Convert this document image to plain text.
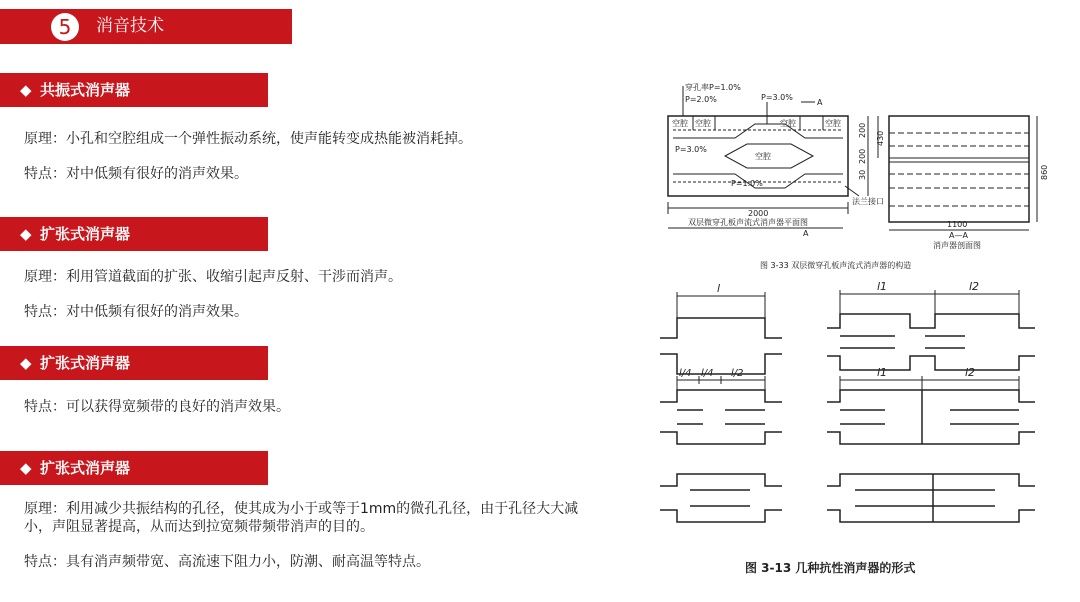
5	消音技术
◆ 共振式消声器
原理：小孔和空腔组成一个弹性振动系统，使声能转变成热能被消耗掉。
特点：对中低频有很好的消声效果。
◆ 扩张式消声器
原理：利用管道截面的扩张、收缩引起声反射、干涉而消声。
特点：对中低频有很好的消声效果。
◆ 扩张式消声器
特点：可以获得宽频带的良好的消声效果。
◆ 扩张式消声器
原理：利用减少共振结构的孔径，使其成为小于或等于1mm的微孔孔径，由于孔径大大减小，声阻显著提高，从而达到拉宽频带频带消声的目的。
特点：具有消声频带宽、高流速下阻力小，防潮、耐高温等特点。
穿孔率P=1.0%
P=2.0%	P=3.0%
A
空腔 空腔	空腔	空腔
空腔
P=3.0%
P=1.0%
法兰接口
2000
双层微穿孔板声流式消声器平面图
A
200
200
30
430
860
1100
A—A
消声器剖面图
图 3-33 双层微穿孔板声流式消声器的构造
l	l1	l2
l/4 l/4 l/2	l1	l2
图 3-13 几种抗性消声器的形式
